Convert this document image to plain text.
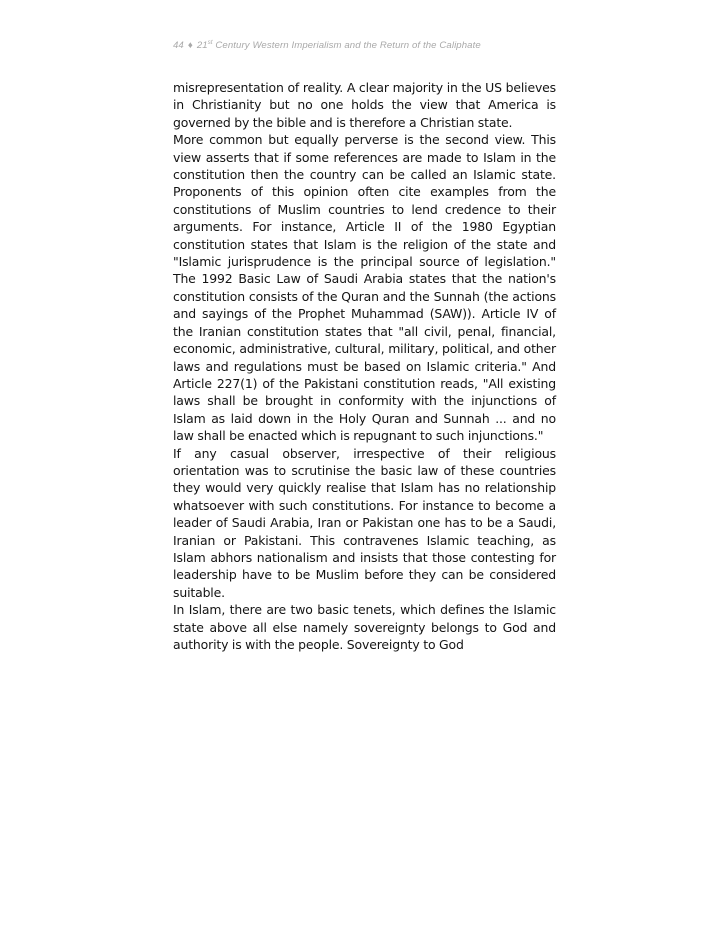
44 ♦ 21st Century Western Imperialism and the Return of the Caliphate

misrepresentation of reality. A clear majority in the US believes in Christianity but no one holds the view that America is governed by the bible and is therefore a Christian state.

More common but equally perverse is the second view. This view asserts that if some references are made to Islam in the constitution then the country can be called an Islamic state. Proponents of this opinion often cite examples from the constitutions of Muslim countries to lend credence to their arguments. For instance, Article II of the 1980 Egyptian constitution states that Islam is the religion of the state and "Islamic jurisprudence is the principal source of legislation." The 1992 Basic Law of Saudi Arabia states that the nation's constitution consists of the Quran and the Sunnah (the actions and sayings of the Prophet Muhammad (SAW)). Article IV of the Iranian constitution states that "all civil, penal, financial, economic, administrative, cultural, military, political, and other laws and regulations must be based on Islamic criteria." And Article 227(1) of the Pakistani constitution reads, "All existing laws shall be brought in conformity with the injunctions of Islam as laid down in the Holy Quran and Sunnah ... and no law shall be enacted which is repugnant to such injunctions."

If any casual observer, irrespective of their religious orientation was to scrutinise the basic law of these countries they would very quickly realise that Islam has no relationship whatsoever with such constitutions. For instance to become a leader of Saudi Arabia, Iran or Pakistan one has to be a Saudi, Iranian or Pakistani. This contravenes Islamic teaching, as Islam abhors nationalism and insists that those contesting for leadership have to be Muslim before they can be considered suitable.

In Islam, there are two basic tenets, which defines the Islamic state above all else namely sovereignty belongs to God and authority is with the people. Sovereignty to God
